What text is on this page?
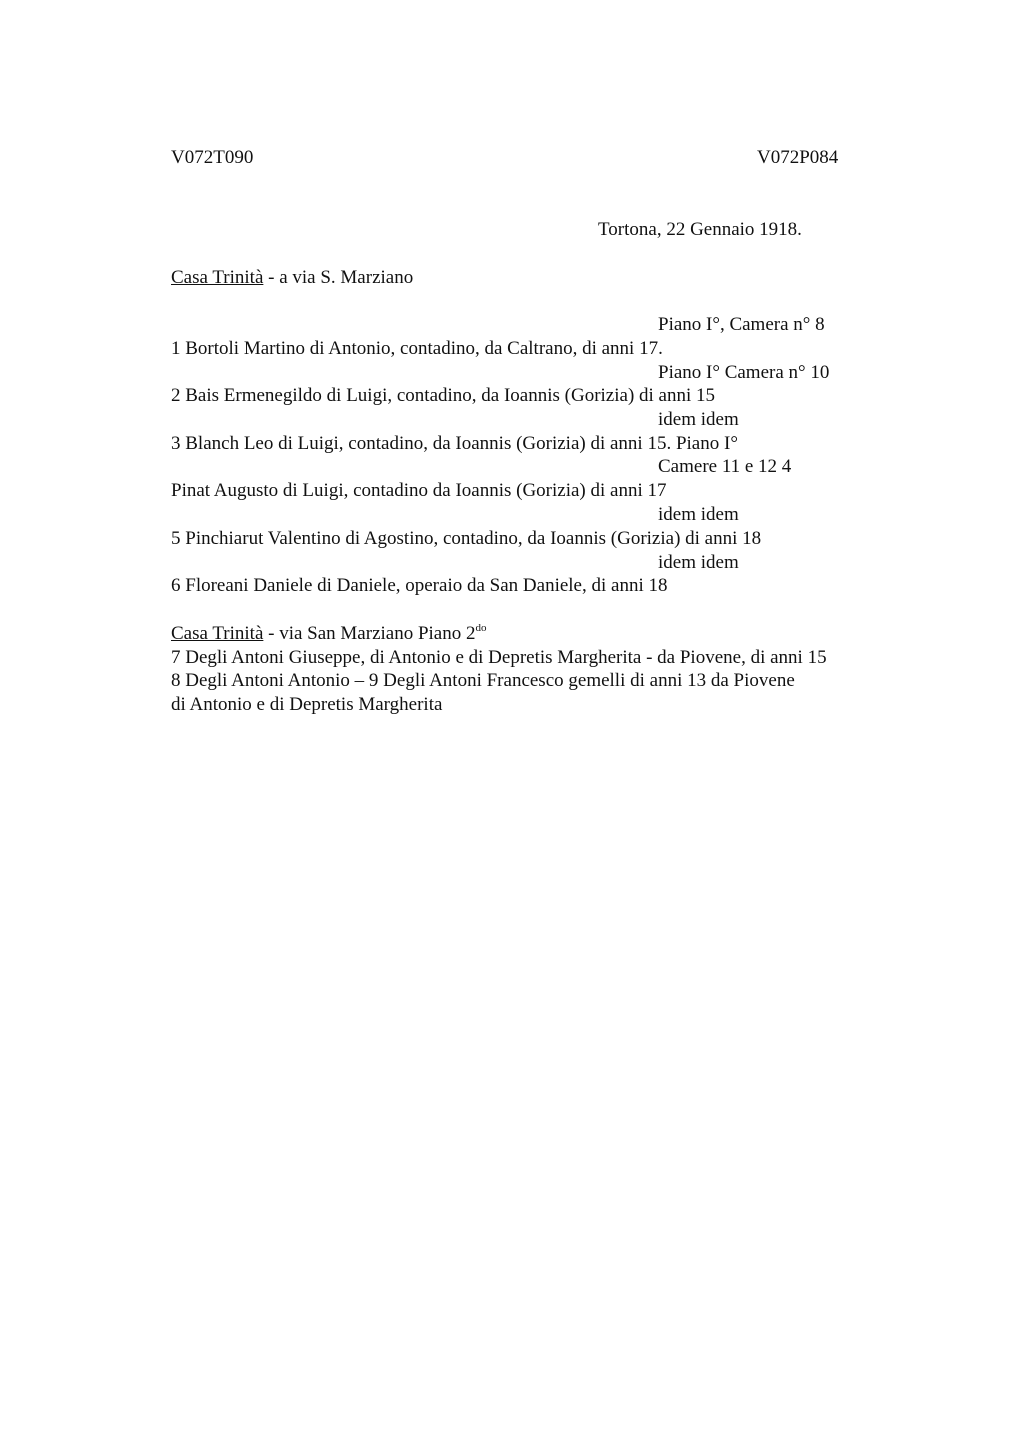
V072T090	V072P084
Tortona, 22 Gennaio 1918.
Casa Trinità - a via S. Marziano
Piano I°, Camera n° 8
1 Bortoli Martino di Antonio, contadino, da Caltrano, di anni 17.
Piano I° Camera n° 10
2 Bais Ermenegildo di Luigi, contadino, da Ioannis (Gorizia) di anni 15
idem idem
3 Blanch Leo di Luigi, contadino, da Ioannis (Gorizia) di anni 15. Piano I°
Camere 11 e 12 4
Pinat Augusto di Luigi, contadino da Ioannis (Gorizia) di anni 17
idem idem
5 Pinchiarut Valentino di Agostino, contadino, da Ioannis (Gorizia) di anni 18
idem idem
6 Floreani Daniele di Daniele, operaio da San Daniele, di anni 18
Casa Trinità - via San Marziano Piano $2^{do}$
7 Degli Antoni Giuseppe, di Antonio e di Depretis Margherita - da Piovene, di anni 15
8 Degli Antoni Antonio – 9 Degli Antoni Francesco gemelli di anni 13 da Piovene
di Antonio e di Depretis Margherita
